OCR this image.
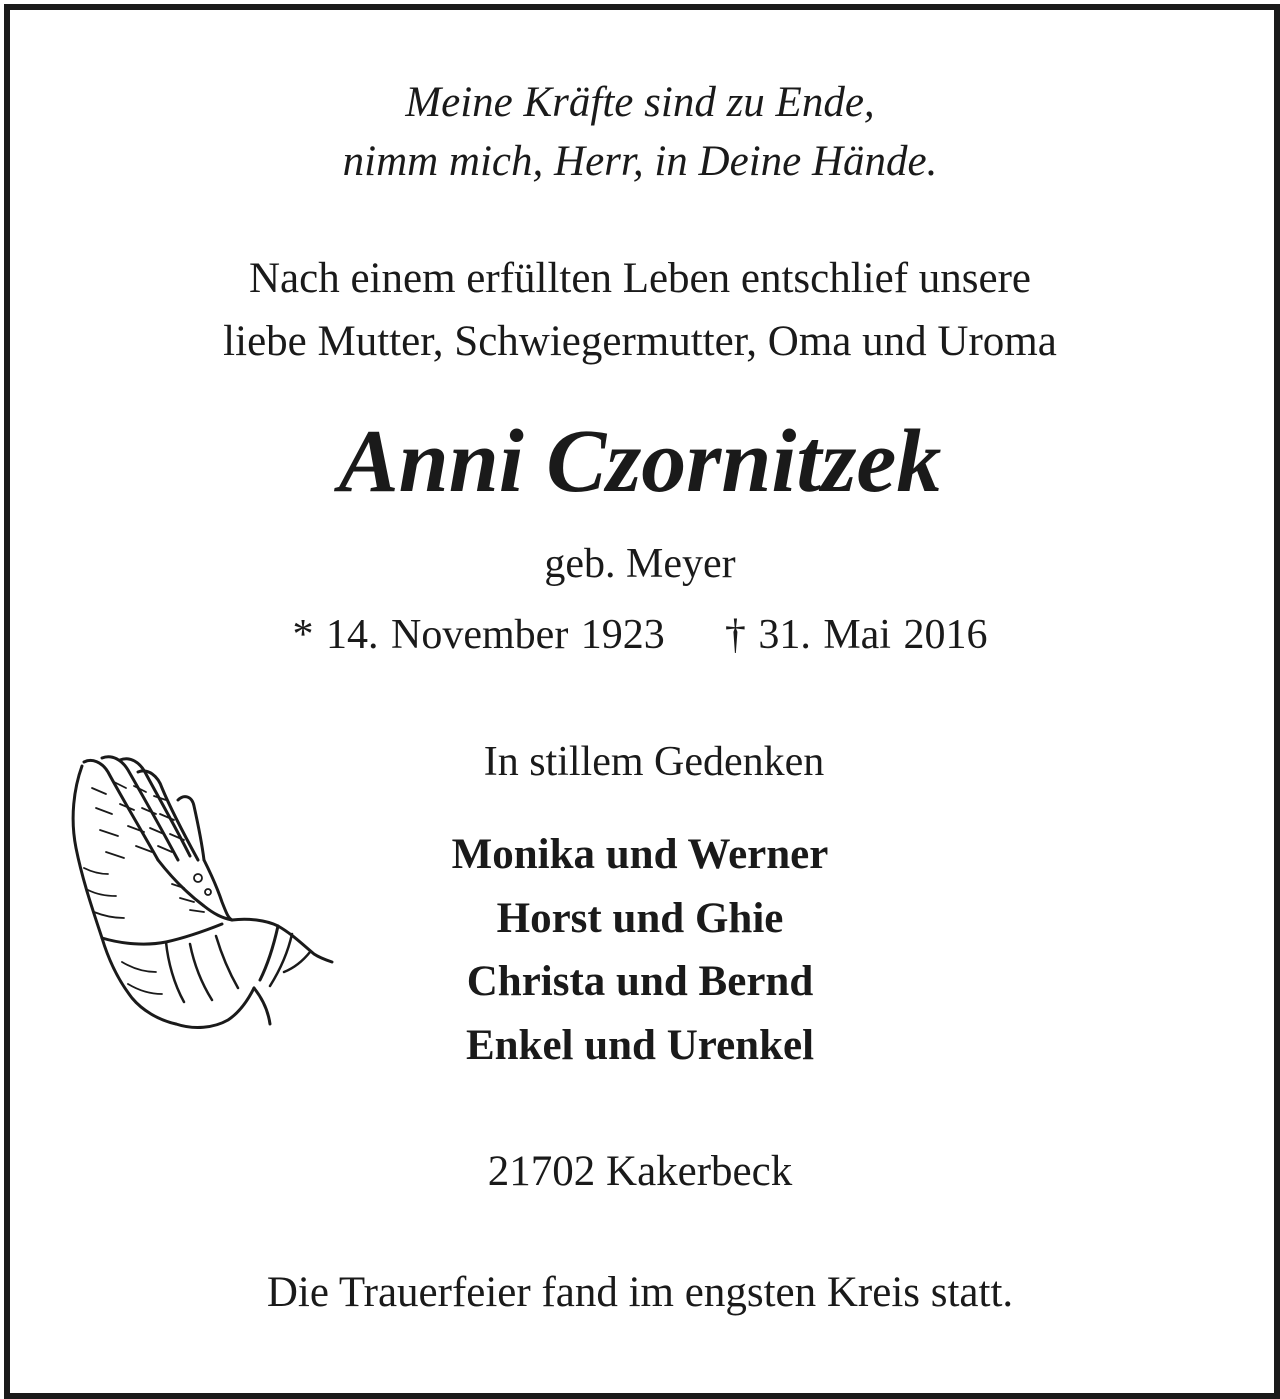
Meine Kräfte sind zu Ende,
nimm mich, Herr, in Deine Hände.
Nach einem erfüllten Leben entschlief unsere
liebe Mutter, Schwiegermutter, Oma und Uroma
Anni Czornitzek
geb. Meyer
* 14. November 1923 † 31. Mai 2016
In stillem Gedenken
Monika und Werner
Horst und Ghie
Christa und Bernd
Enkel und Urenkel
21702 Kakerbeck
Die Trauerfeier fand im engsten Kreis statt.
